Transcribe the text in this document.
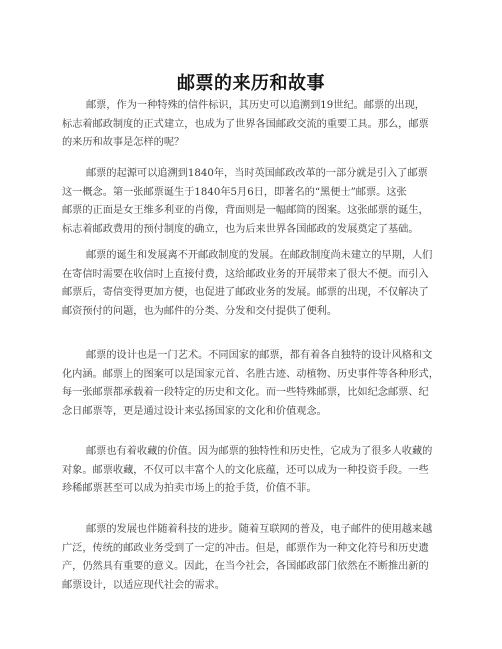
邮票的来历和故事

邮票，作为一种特殊的信件标识，其历史可以追溯到19世纪。邮票的出现，
标志着邮政制度的正式建立，也成为了世界各国邮政交流的重要工具。那么，邮票
的来历和故事是怎样的呢？

邮票的起源可以追溯到1840年，当时英国邮政改革的一部分就是引入了邮票
这一概念。第一张邮票诞生于1840年5月6日，即著名的“黑便士”邮票。这张
邮票的正面是女王维多利亚的肖像，背面则是一幅邮筒的图案。这张邮票的诞生，
标志着邮政费用的预付制度的确立，也为后来世界各国邮政的发展奠定了基础。

邮票的诞生和发展离不开邮政制度的发展。在邮政制度尚未建立的早期，人们
在寄信时需要在收信时上直接付费，这给邮政业务的开展带来了很大不便。而引入
邮票后，寄信变得更加方便，也促进了邮政业务的发展。邮票的出现，不仅解决了
邮资预付的问题，也为邮件的分类、分发和交付提供了便利。

邮票的设计也是一门艺术。不同国家的邮票，都有着各自独特的设计风格和文
化内涵。邮票上的图案可以是国家元首、名胜古迹、动植物、历史事件等各种形式，
每一张邮票都承载着一段特定的历史和文化。而一些特殊邮票，比如纪念邮票、纪
念日邮票等，更是通过设计来弘扬国家的文化和价值观念。

邮票也有着收藏的价值。因为邮票的独特性和历史性，它成为了很多人收藏的
对象。邮票收藏，不仅可以丰富个人的文化底蕴，还可以成为一种投资手段。一些
珍稀邮票甚至可以成为拍卖市场上的抢手货，价值不菲。

邮票的发展也伴随着科技的进步。随着互联网的普及，电子邮件的使用越来越
广泛，传统的邮政业务受到了一定的冲击。但是，邮票作为一种文化符号和历史遗
产，仍然具有重要的意义。因此，在当今社会，各国邮政部门依然在不断推出新的
邮票设计，以适应现代社会的需求。
